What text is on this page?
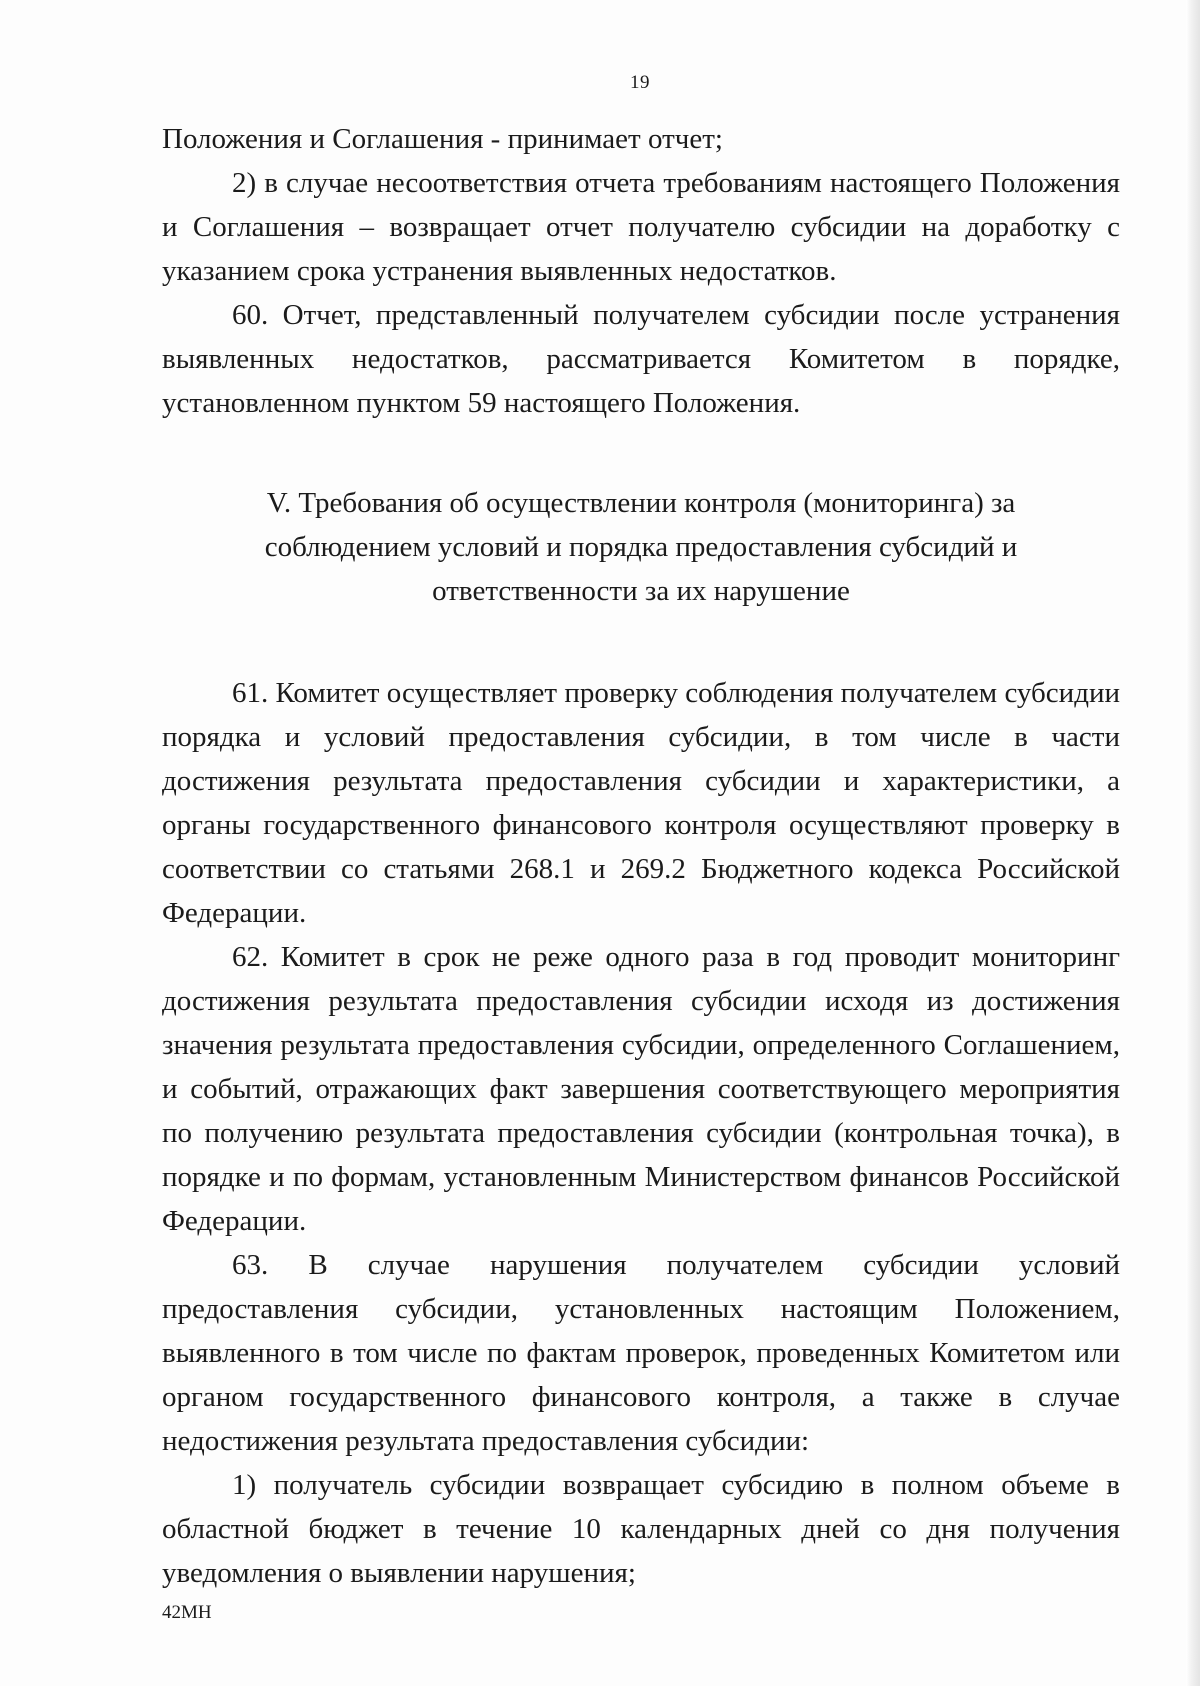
19

Положения и Соглашения - принимает отчет;

2) в случае несоответствия отчета требованиям настоящего Положения и Соглашения – возвращает отчет получателю субсидии на доработку с указанием срока устранения выявленных недостатков.

60. Отчет, представленный получателем субсидии после устранения выявленных недостатков, рассматривается Комитетом в порядке, установленном пунктом 59 настоящего Положения.

V. Требования об осуществлении контроля (мониторинга) за
соблюдением условий и порядка предоставления субсидий и
ответственности за их нарушение

61. Комитет осуществляет проверку соблюдения получателем субсидии порядка и условий предоставления субсидии, в том числе в части достижения результата предоставления субсидии и характеристики, а органы государственного финансового контроля осуществляют проверку в соответствии со статьями 268.1 и 269.2 Бюджетного кодекса Российской Федерации.

62. Комитет в срок не реже одного раза в год проводит мониторинг достижения результата предоставления субсидии исходя из достижения значения результата предоставления субсидии, определенного Соглашением, и событий, отражающих факт завершения соответствующего мероприятия по получению результата предоставления субсидии (контрольная точка), в порядке и по формам, установленным Министерством финансов Российской Федерации.

63. В случае нарушения получателем субсидии условий предоставления субсидии, установленных настоящим Положением, выявленного в том числе по фактам проверок, проведенных Комитетом или органом государственного финансового контроля, а также в случае недостижения результата предоставления субсидии:

1) получатель субсидии возвращает субсидию в полном объеме в областной бюджет в течение 10 календарных дней со дня получения уведомления о выявлении нарушения;

42МН
